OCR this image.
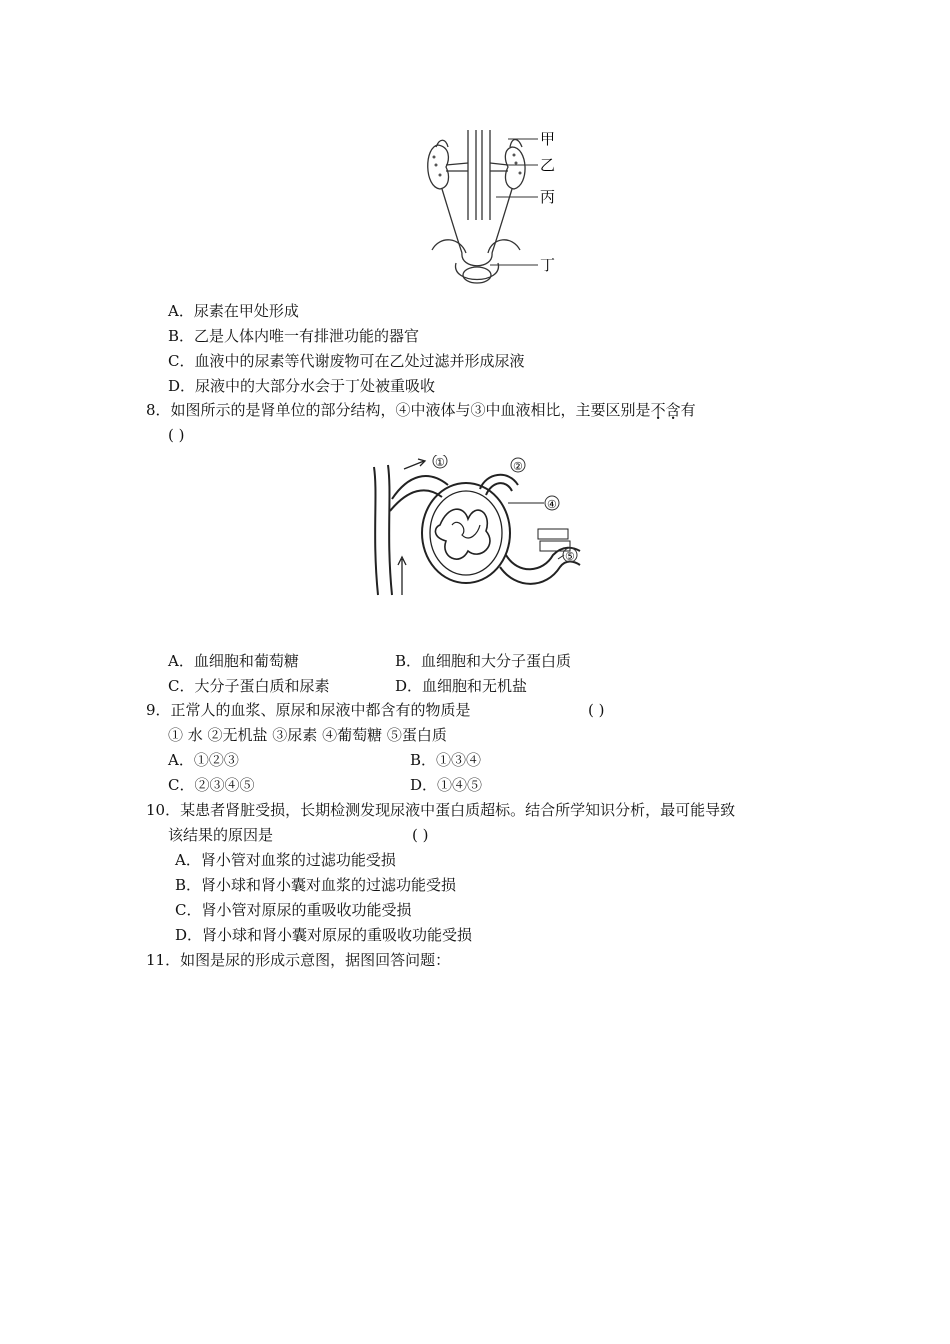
甲
乙
丙
丁
A．尿素在甲处形成
B．乙是人体内唯一有排泄功能的器官
C．血液中的尿素等代谢废物可在乙处过滤并形成尿液
D．尿液中的大部分水会于丁处被重吸收
8．如图所示的是肾单位的部分结构，④中液体与③中血液相比，主要区别是不含有
( )
①	②
④
⑤
A．血细胞和葡萄糖	B．血细胞和大分子蛋白质
C．大分子蛋白质和尿素	D．血细胞和无机盐
9．正常人的血浆、原尿和尿液中都含有的物质是	( )
① 水 ②无机盐 ③尿素 ④葡萄糖 ⑤蛋白质
A．①②③	B．①③④
C．②③④⑤	D．①④⑤
10．某患者肾脏受损，长期检测发现尿液中蛋白质超标。结合所学知识分析，最可能导致
该结果的原因是	( )
A．肾小管对血浆的过滤功能受损
B．肾小球和肾小囊对血浆的过滤功能受损
C．肾小管对原尿的重吸收功能受损
D．肾小球和肾小囊对原尿的重吸收功能受损
11．如图是尿的形成示意图，据图回答问题：
